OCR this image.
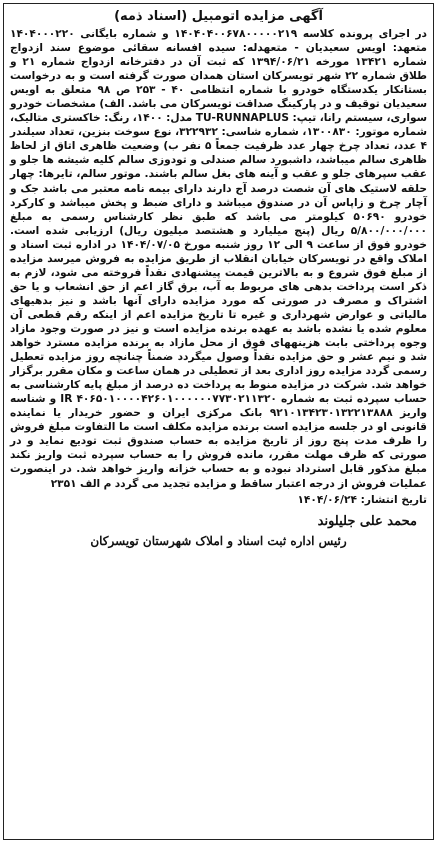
آگهی مزایده اتومبیل (اسناد ذمه)

در اجرای پرونده کلاسه ۱۴۰۴۰۴۰۰۶۷۸۰۰۰۰۰۲۱۹ و شماره بایگانی ۱۴۰۴۰۰۰۲۲۰ متعهد: اویس سعیدیان - متعهدله: سیده افسانه سقائی موضوع سند ازدواج شماره ۱۳۴۲۱ مورخه ۱۳۹۴/۰۶/۲۱ که ثبت آن در دفترخانه ازدواج شماره ۲۱ و طلاق شماره ۲۲ شهر تویسرکان استان همدان صورت گرفته است و به درخواست بستانکار یکدستگاه خودرو با شماره انتظامی ۴۰ - ۲۵۳ ص ۹۸ متعلق به اویس سعیدیان توقیف و در پارکینگ صداقت تویسرکان می باشد. الف) مشخصات خودرو سواری، سیستم رانا، تیپ: TU-RUNNAPLUS مدل: ۱۴۰۰، رنگ: خاکستری متالیک، شماره موتور: ۱۳۰۰۸۳۰، شماره شاسی: ۳۲۲۹۳۲، نوع سوخت بنزین، تعداد سیلندر ۴ عدد، تعداد چرخ چهار عدد ظرفیت جمعاً ۵ نفر ب) وضعیت ظاهری اتاق از لحاظ ظاهری سالم میباشد، داشبورد سالم صندلی و تودوزی سالم کلیه شیشه ها جلو و عقب سپرهای جلو و عقب و آینه های بغل سالم باشند. موتور سالم، تایرها: چهار حلقه لاستیک های آن شصت درصد آج دارند دارای بیمه نامه معتبر می باشد جک و آچار چرخ و زاپاس آن در صندوق میباشد و دارای ضبط و پخش میباشد و کارکرد خودرو ۵۰۶۹۰ کیلومتر می باشد که طبق نظر کارشناس رسمی به مبلغ ۵/۸۰۰/۰۰۰/۰۰۰ ریال (پنج میلیارد و هشتصد میلیون ریال) ارزیابی شده است. خودرو فوق از ساعت ۹ الی ۱۲ روز شنبه مورخ ۱۴۰۴/۰۷/۰۵ در اداره ثبت اسناد و املاک واقع در تویسرکان خیابان انقلاب از طریق مزایده به فروش میرسد مزایده از مبلغ فوق شروع و به بالاترین قیمت پیشنهادی نقداً فروخته می شود، لازم به ذکر است پرداخت بدهی های مربوط به آب، برق گاز اعم از حق انشعاب و یا حق اشتراک و مصرف در صورتی که مورد مزایده دارای آنها باشد و نیز بدهیهای مالیاتی و عوارض شهرداری و غیره تا تاریخ مزایده اعم از اینکه رقم قطعی آن معلوم شده یا نشده باشد به عهده برنده مزایده است و نیز در صورت وجود مازاد وجوه پرداختی بابت هزینههای فوق از محل مازاد به برنده مزایده مسترد خواهد شد و نیم عشر و حق مزایده نقداً وصول میگردد ضمناً چنانچه روز مزایده تعطیل رسمی گردد مزایده روز اداری بعد از تعطیلی در همان ساعت و مکان مقرر برگزار خواهد شد. شرکت در مزایده منوط به پرداخت ده درصد از مبلغ پایه کارشناسی به حساب سپرده ثبت به شماره ۴۰۶۵۰۱۰۰۰۰۴۲۶۰۱۰۰۰۰۰۰۷۷۳۰۲۱۱۳۲۰ IR و شناسه واریز ۹۲۱۰۱۳۴۲۳۰۱۳۲۲۱۳۸۸۸ بانک مرکزی ایران و حضور خریدار یا نماینده قانونی او در جلسه مزایده است برنده مزایده مکلف است ما التفاوت مبلغ فروش را ظرف مدت پنج روز از تاریخ مزایده به حساب صندوق ثبت تودیع نماید و در صورتی که ظرف مهلت مقرر، مانده فروش را به حساب سپرده ثبت واریز نکند مبلغ مذکور قابل استرداد نبوده و به حساب خزانه واریز خواهد شد. در اینصورت عملیات فروش از درجه اعتبار ساقط و مزایده تجدید می گردد م الف ۲۳۵۱

تاریخ انتشار: ۱۴۰۴/۰۶/۲۴
محمد علی جلیلوند
رئیس اداره ثبت اسناد و املاک شهرستان تویسرکان
